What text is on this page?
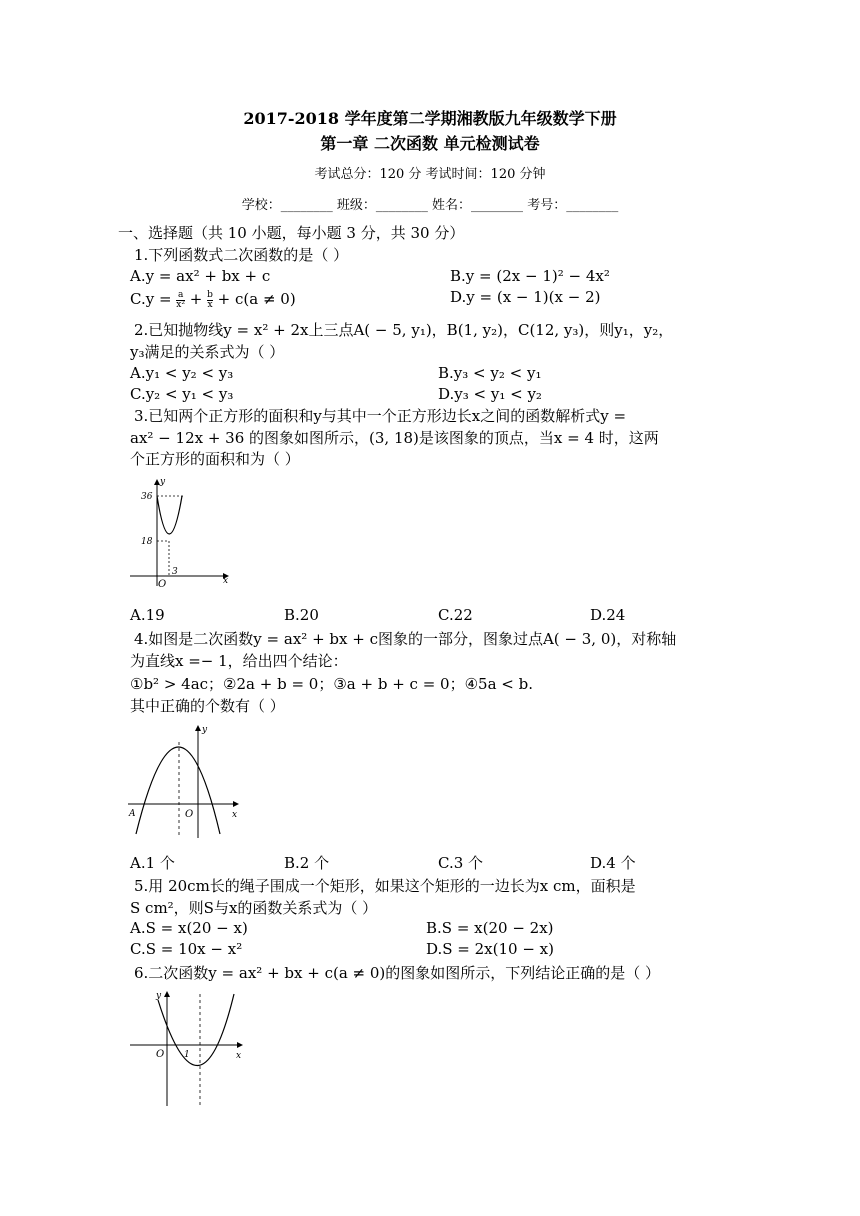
2017-2018 学年度第二学期湘教版九年级数学下册
第一章 二次函数 单元检测试卷
考试总分：120 分 考试时间：120 分钟
学校：________ 班级：________ 姓名：________ 考号：________
一、选择题（共 10 小题，每小题 3 分，共 30 分）
1.下列函数式二次函数的是（ ）
A.y = ax² + bx + c	B.y = (2x − 1)² − 4x²
$C.y = \frac{a}{\text{x²}} + \frac{b}{x} + c(a \ne 0)$	D.y = (x − 1)(x − 2)
2.已知抛物线y = x² + 2x上三点A( − 5, y₁)，B(1, y₂)，C(12, y₃)，则y₁，y₂，
y₃满足的关系式为（ ）
A.y₁ < y₂ < y₃	B.y₃ < y₂ < y₁
C.y₂ < y₁ < y₃	D.y₃ < y₁ < y₂
3.已知两个正方形的面积和y与其中一个正方形边长x之间的函数解析式y =
ax² − 12x + 36 的图象如图所示，(3, 18)是该图象的顶点，当x = 4 时，这两
个正方形的面积和为（ ）
y
x
O
36
18
3
A.19	B.20	C.22	D.24
4.如图是二次函数y = ax² + bx + c图象的一部分，图象过点A( − 3, 0)，对称轴
为直线x =− 1，给出四个结论：
①b² > 4ac；②2a + b = 0；③a + b + c = 0；④5a < b.
其中正确的个数有（ ）
y
x
O
A
A.1 个	B.2 个	C.3 个	D.4 个
5.用 20cm长的绳子围成一个矩形，如果这个矩形的一边长为x cm，面积是
S cm²，则S与x的函数关系式为（ ）
A.S = x(20 − x)	B.S = x(20 − 2x)
C.S = 10x − x²	D.S = 2x(10 − x)
6.二次函数y = ax² + bx + c(a ≠ 0)的图象如图所示，下列结论正确的是（ ）
y
x
O 1
